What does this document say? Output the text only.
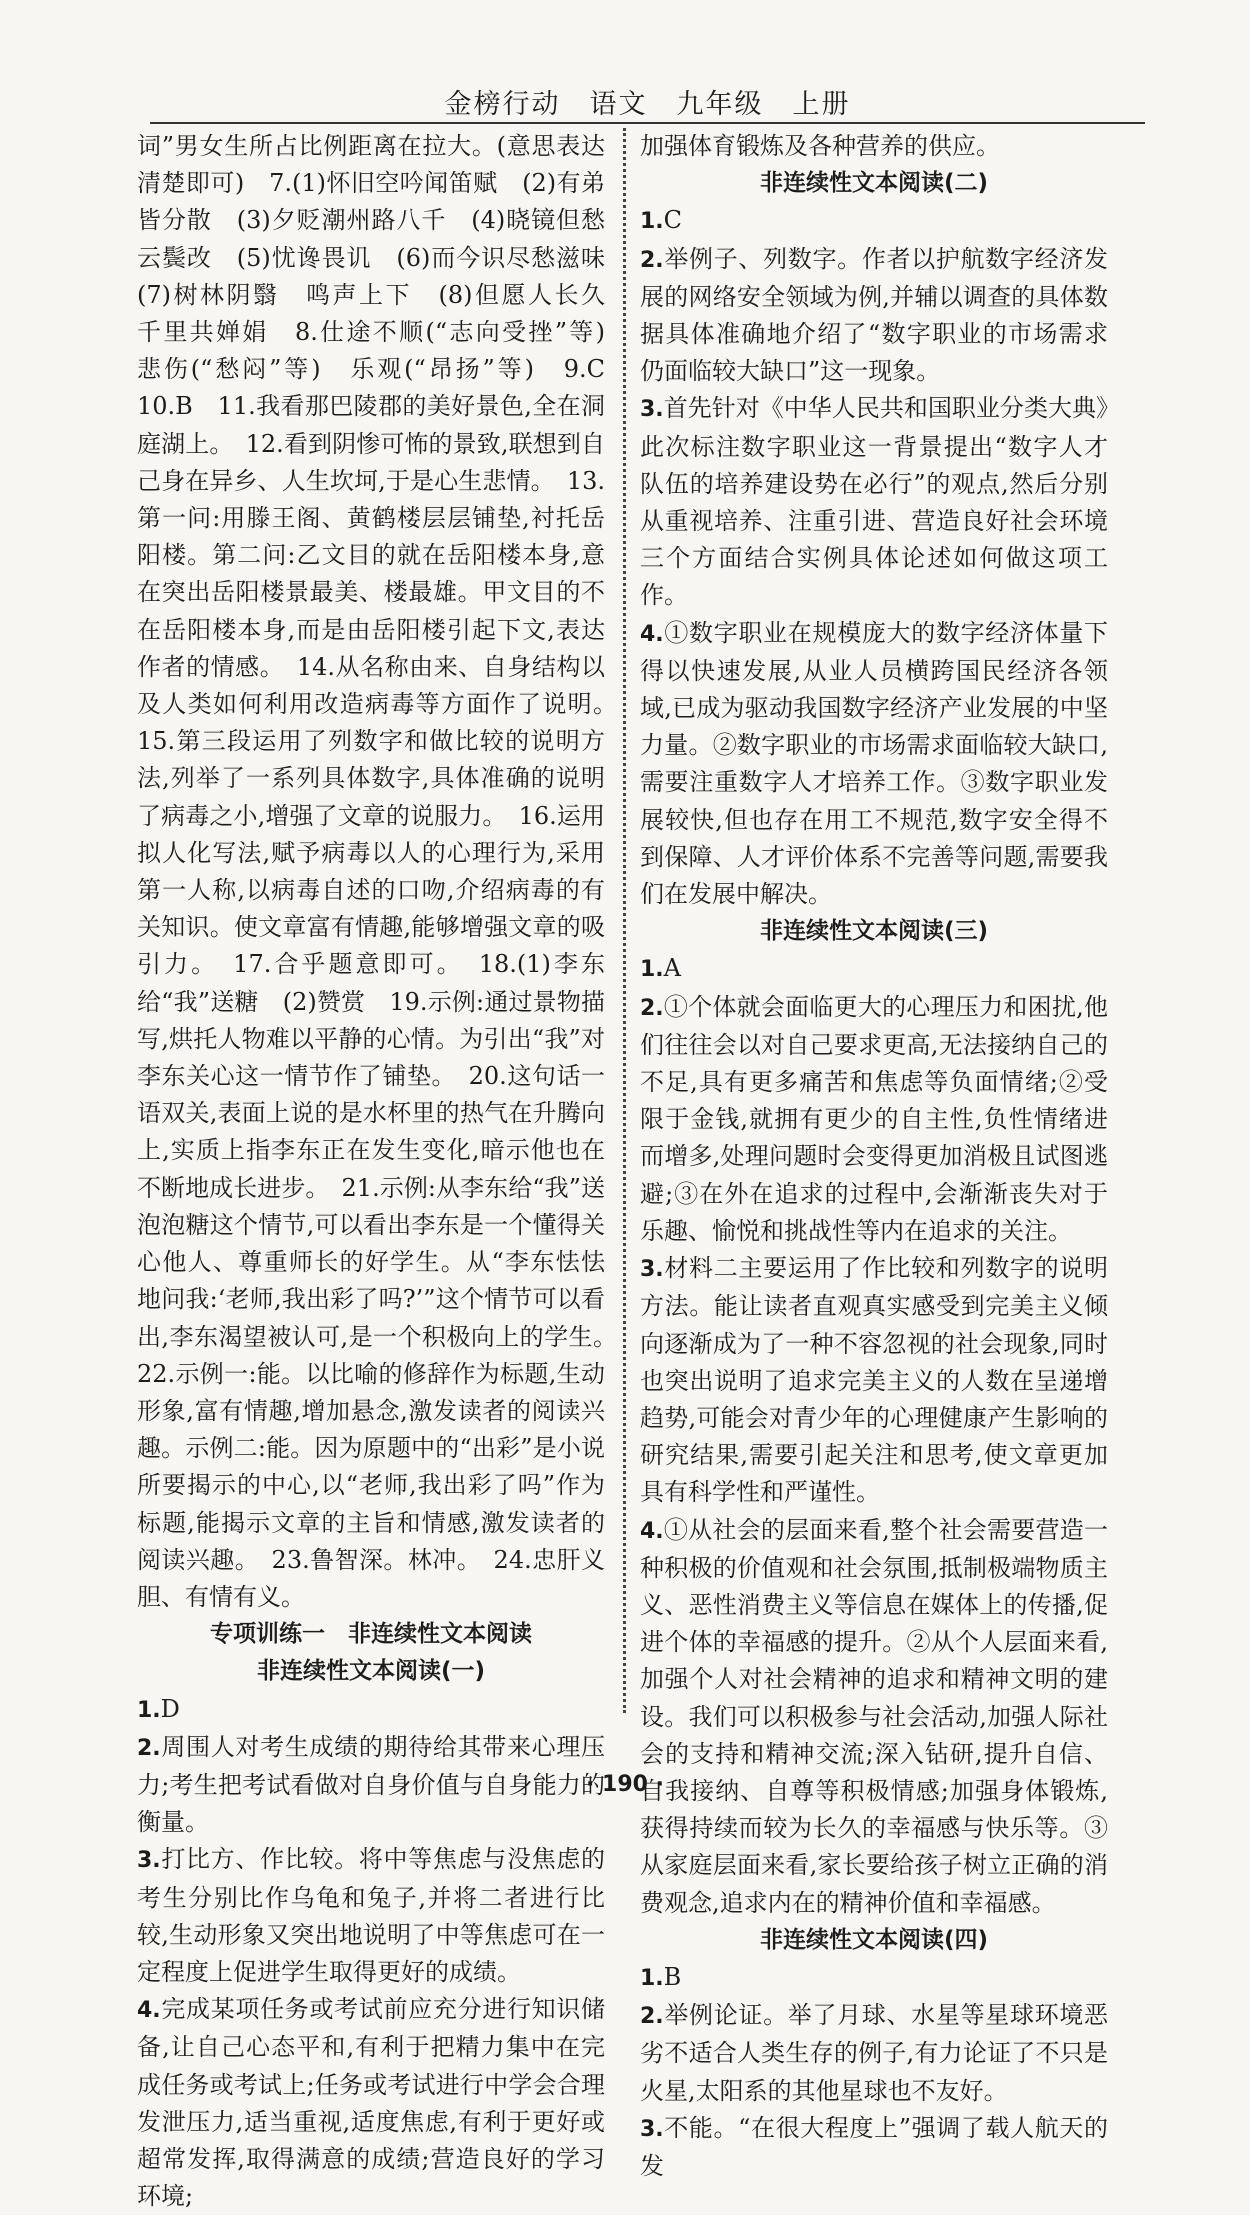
金榜行动　语文　九年级　上册

词”男女生所占比例距离在拉大。(意思表达清楚即可)　7.(1)怀旧空吟闻笛赋　(2)有弟皆分散　(3)夕贬潮州路八千　(4)晓镜但愁云鬓改　(5)忧谗畏讥　(6)而今识尽愁滋味　(7)树林阴翳　鸣声上下　(8)但愿人长久　千里共婵娟　8.仕途不顺(“志向受挫”等)　悲伤(“愁闷”等)　乐观(“昂扬”等)　9.C　10.B　11.我看那巴陵郡的美好景色,全在洞庭湖上。　12.看到阴惨可怖的景致,联想到自己身在异乡、人生坎坷,于是心生悲情。　13.第一问:用滕王阁、黄鹤楼层层铺垫,衬托岳阳楼。第二问:乙文目的就在岳阳楼本身,意在突出岳阳楼景最美、楼最雄。甲文目的不在岳阳楼本身,而是由岳阳楼引起下文,表达作者的情感。　14.从名称由来、自身结构以及人类如何利用改造病毒等方面作了说明。　15.第三段运用了列数字和做比较的说明方法,列举了一系列具体数字,具体准确的说明了病毒之小,增强了文章的说服力。　16.运用拟人化写法,赋予病毒以人的心理行为,采用第一人称,以病毒自述的口吻,介绍病毒的有关知识。使文章富有情趣,能够增强文章的吸引力。　17.合乎题意即可。　18.(1)李东给“我”送糖　(2)赞赏　19.示例:通过景物描写,烘托人物难以平静的心情。为引出“我”对李东关心这一情节作了铺垫。　20.这句话一语双关,表面上说的是水杯里的热气在升腾向上,实质上指李东正在发生变化,暗示他也在不断地成长进步。　21.示例:从李东给“我”送泡泡糖这个情节,可以看出李东是一个懂得关心他人、尊重师长的好学生。从“李东怯怯地问我:‘老师,我出彩了吗?’”这个情节可以看出,李东渴望被认可,是一个积极向上的学生。　22.示例一:能。以比喻的修辞作为标题,生动形象,富有情趣,增加悬念,激发读者的阅读兴趣。示例二:能。因为原题中的“出彩”是小说所要揭示的中心,以“老师,我出彩了吗”作为标题,能揭示文章的主旨和情感,激发读者的阅读兴趣。　23.鲁智深。林冲。　24.忠肝义胆、有情有义。

专项训练一　非连续性文本阅读

非连续性文本阅读(一)

1.D

2.周围人对考生成绩的期待给其带来心理压力;考生把考试看做对自身价值与自身能力的衡量。

3.打比方、作比较。将中等焦虑与没焦虑的考生分别比作乌龟和兔子,并将二者进行比较,生动形象又突出地说明了中等焦虑可在一定程度上促进学生取得更好的成绩。

4.完成某项任务或考试前应充分进行知识储备,让自己心态平和,有利于把精力集中在完成任务或考试上;任务或考试进行中学会合理发泄压力,适当重视,适度焦虑,有利于更好或超常发挥,取得满意的成绩;营造良好的学习环境;

加强体育锻炼及各种营养的供应。

非连续性文本阅读(二)

1.C

2.举例子、列数字。作者以护航数字经济发展的网络安全领域为例,并辅以调查的具体数据具体准确地介绍了“数字职业的市场需求仍面临较大缺口”这一现象。

3.首先针对《中华人民共和国职业分类大典》此次标注数字职业这一背景提出“数字人才队伍的培养建设势在必行”的观点,然后分别从重视培养、注重引进、营造良好社会环境三个方面结合实例具体论述如何做这项工作。

4.①数字职业在规模庞大的数字经济体量下得以快速发展,从业人员横跨国民经济各领域,已成为驱动我国数字经济产业发展的中坚力量。②数字职业的市场需求面临较大缺口,需要注重数字人才培养工作。③数字职业发展较快,但也存在用工不规范,数字安全得不到保障、人才评价体系不完善等问题,需要我们在发展中解决。

非连续性文本阅读(三)

1.A

2.①个体就会面临更大的心理压力和困扰,他们往往会以对自己要求更高,无法接纳自己的不足,具有更多痛苦和焦虑等负面情绪;②受限于金钱,就拥有更少的自主性,负性情绪进而增多,处理问题时会变得更加消极且试图逃避;③在外在追求的过程中,会渐渐丧失对于乐趣、愉悦和挑战性等内在追求的关注。

3.材料二主要运用了作比较和列数字的说明方法。能让读者直观真实感受到完美主义倾向逐渐成为了一种不容忽视的社会现象,同时也突出说明了追求完美主义的人数在呈递增趋势,可能会对青少年的心理健康产生影响的研究结果,需要引起关注和思考,使文章更加具有科学性和严谨性。

4.①从社会的层面来看,整个社会需要营造一种积极的价值观和社会氛围,抵制极端物质主义、恶性消费主义等信息在媒体上的传播,促进个体的幸福感的提升。②从个人层面来看,加强个人对社会精神的追求和精神文明的建设。我们可以积极参与社会活动,加强人际社会的支持和精神交流;深入钻研,提升自信、自我接纳、自尊等积极情感;加强身体锻炼,获得持续而较为长久的幸福感与快乐等。③从家庭层面来看,家长要给孩子树立正确的消费观念,追求内在的精神价值和幸福感。

非连续性文本阅读(四)

1.B

2.举例论证。举了月球、水星等星球环境恶劣不适合人类生存的例子,有力论证了不只是火星,太阳系的其他星球也不友好。

3.不能。“在很大程度上”强调了载人航天的发

· 190 ·
